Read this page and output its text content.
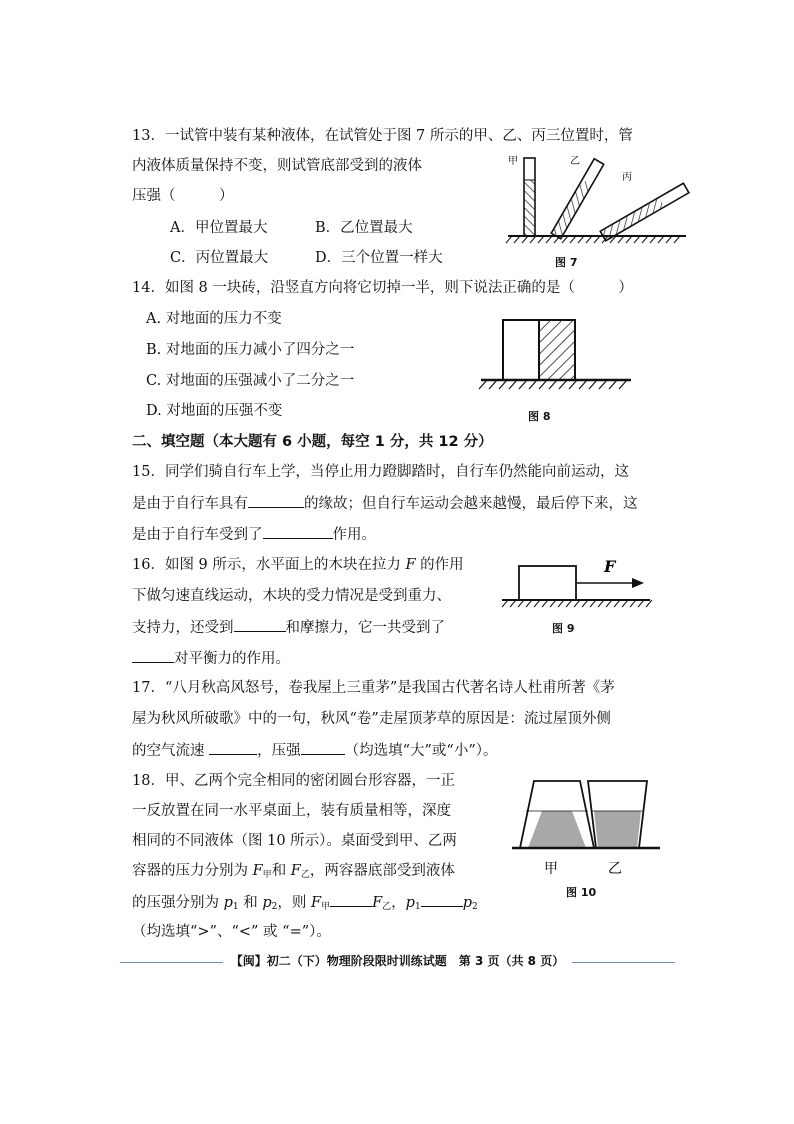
13．一试管中装有某种液体，在试管处于图 7 所示的甲、乙、丙三位置时，管
内液体质量保持不变，则试管底部受到的液体
压强（　　　）
A．甲位置最大	B．乙位置最大
C．丙位置最大	D．三个位置一样大
甲	乙
丙
图 7
14．如图 8 一块砖，沿竖直方向将它切掉一半，则下说法正确的是（　　　）
A. 对地面的压力不变
B. 对地面的压力减小了四分之一
C. 对地面的压强减小了二分之一
D. 对地面的压强不变	图 8
二、填空题（本大题有 6 小题，每空 1 分，共 12 分）
15．同学们骑自行车上学，当停止用力蹬脚踏时，自行车仍然能向前运动，这
是由于自行车具有	的缘故；但自行车运动会越来越慢，最后停下来，这
是由于自行车受到了	作用。
16．如图 9 所示，水平面上的木块在拉力 F 的作用
下做匀速直线运动，木块的受力情况是受到重力、
支持力，还受到	和摩擦力，它一共受到了
对平衡力的作用。
F
图 9
17．“八月秋高风怒号，卷我屋上三重茅”是我国古代著名诗人杜甫所著《茅
屋为秋风所破歌》中的一句，秋风“卷”走屋顶茅草的原因是：流过屋顶外侧
的空气流速	，压强	（均选填“大”或“小”）。
18．甲、乙两个完全相同的密闭圆台形容器，一正
一反放置在同一水平桌面上，装有质量相等，深度
相同的不同液体（图 10 所示）。桌面受到甲、乙两
容器的压力分别为 $F_甲$和 $F_乙$，两容器底部受到液体
的压强分别为 $p_1$ 和 $p_2$，则 $F_甲$	$F_乙$，$p_1$	$p_2$
（均选填“>”、“<” 或 “=”）。
甲	乙
图 10
【闽】初二（下）物理阶段限时训练试题　第 3 页（共 8 页）
